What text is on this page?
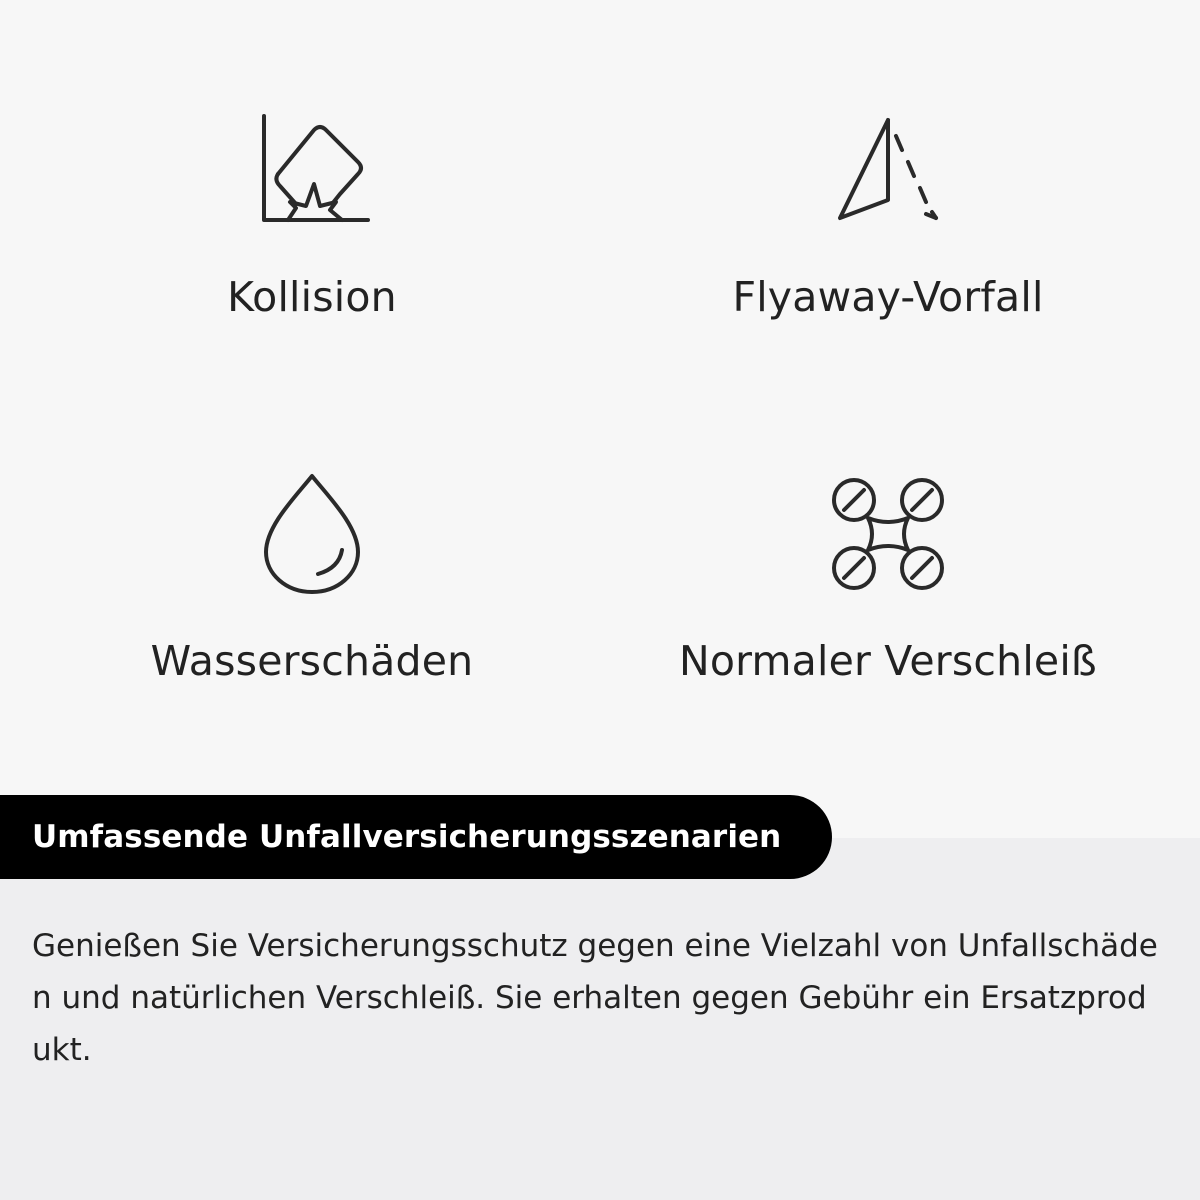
Kollision	Flyaway-Vorfall
Wasserschäden	Normaler Verschleiß
Umfassende Unfallversicherungsszenarien
Genießen Sie Versicherungsschutz gegen eine Vielzahl von Unfallschäden und natürlichen Verschleiß. Sie erhalten gegen Gebühr ein Ersatzprodukt.
